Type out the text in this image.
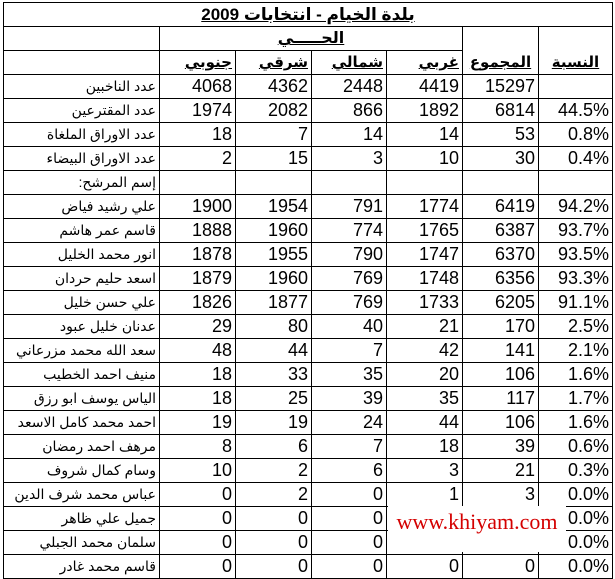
بلدة الخيام - انتخابات 2009						
	الحـــــي				المجموع	النسبة
	جنوبي	شرقي	شمالي	غربي		
عدد الناخبين	4068	4362	2448	4419	15297	
عدد المقترعين	1974	2082	866	1892	6814	44.5%
عدد الاوراق الملغاة	18	7	14	14	53	0.8%
عدد الاوراق البيضاء	2	15	3	10	30	0.4%
إسم المرشح:						
علي رشيد فياض	1900	1954	791	1774	6419	94.2%
قاسم عمر هاشم	1888	1960	774	1765	6387	93.7%
انور محمد الخليل	1878	1955	790	1747	6370	93.5%
اسعد حليم حردان	1879	1960	769	1748	6356	93.3%
علي حسن خليل	1826	1877	769	1733	6205	91.1%
عدنان خليل عبود	29	80	40	21	170	2.5%
سعد الله محمد مزرعاني	48	44	7	42	141	2.1%
منيف احمد الخطيب	18	33	35	20	106	1.6%
الياس يوسف ابو رزق	18	25	39	35	117	1.7%
احمد محمد كامل الاسعد	19	19	24	44	106	1.6%
مرهف احمد رمضان	8	6	7	18	39	0.6%
وسام كمال شروف	10	2	6	3	21	0.3%
عباس محمد شرف الدين	0	2	0	1	3	0.0%
جميل علي ظاهر	0	0	0			0.0%
سلمان محمد الجبلي	0	0	0			0.0%
قاسم محمد غادر	0	0	0	0	0	0.0%
www.khiyam.com
